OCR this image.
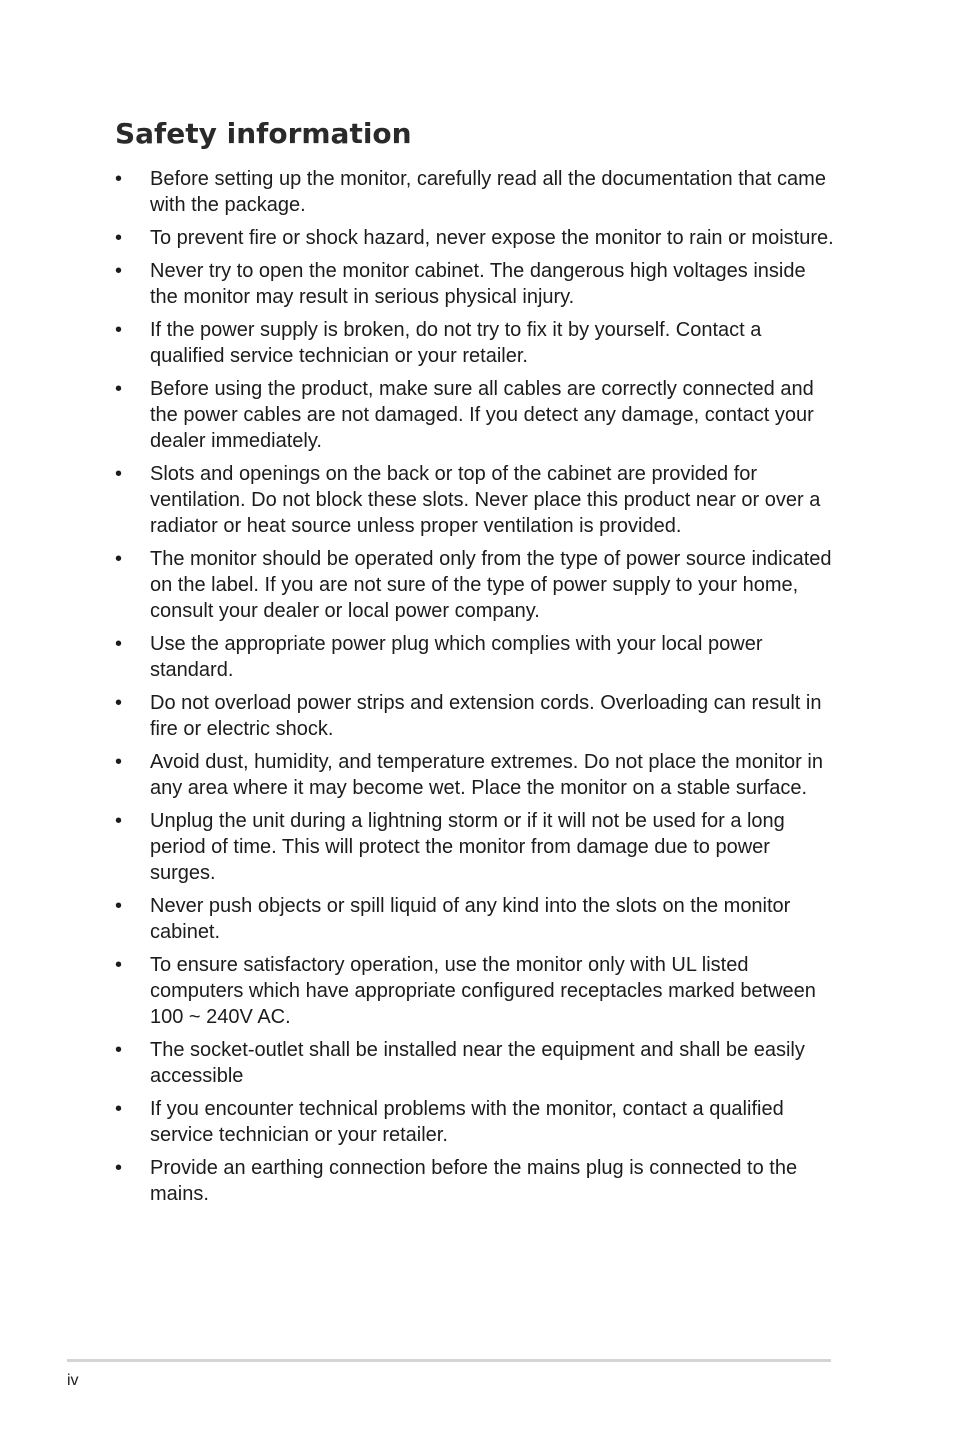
Safety information
•	Before setting up the monitor, carefully read all the documentation that came with the package.
•	To prevent fire or shock hazard, never expose the monitor to rain or moisture.
•	Never try to open the monitor cabinet. The dangerous high voltages inside the monitor may result in serious physical injury.
•	If the power supply is broken, do not try to fix it by yourself. Contact a qualified service technician or your retailer.
•	Before using the product, make sure all cables are correctly connected and the power cables are not damaged. If you detect any damage, contact your dealer immediately.
•	Slots and openings on the back or top of the cabinet are provided for ventilation. Do not block these slots. Never place this product near or over a radiator or heat source unless proper ventilation is provided.
•	The monitor should be operated only from the type of power source indicated on the label. If you are not sure of the type of power supply to your home, consult your dealer or local power company.
•	Use the appropriate power plug which complies with your local power standard.
•	Do not overload power strips and extension cords. Overloading can result in fire or electric shock.
•	Avoid dust, humidity, and temperature extremes. Do not place the monitor in any area where it may become wet. Place the monitor on a stable surface.
•	Unplug the unit during a lightning storm or if it will not be used for a long period of time. This will protect the monitor from damage due to power surges.
•	Never push objects or spill liquid of any kind into the slots on the monitor cabinet.
•	To ensure satisfactory operation, use the monitor only with UL listed computers which have appropriate configured receptacles marked between 100 ~ 240V AC.
•	The socket-outlet shall be installed near the equipment and shall be easily accessible
•	If you encounter technical problems with the monitor, contact a qualified service technician or your retailer.
•	Provide an earthing connection before the mains plug is connected to the mains.
iv
